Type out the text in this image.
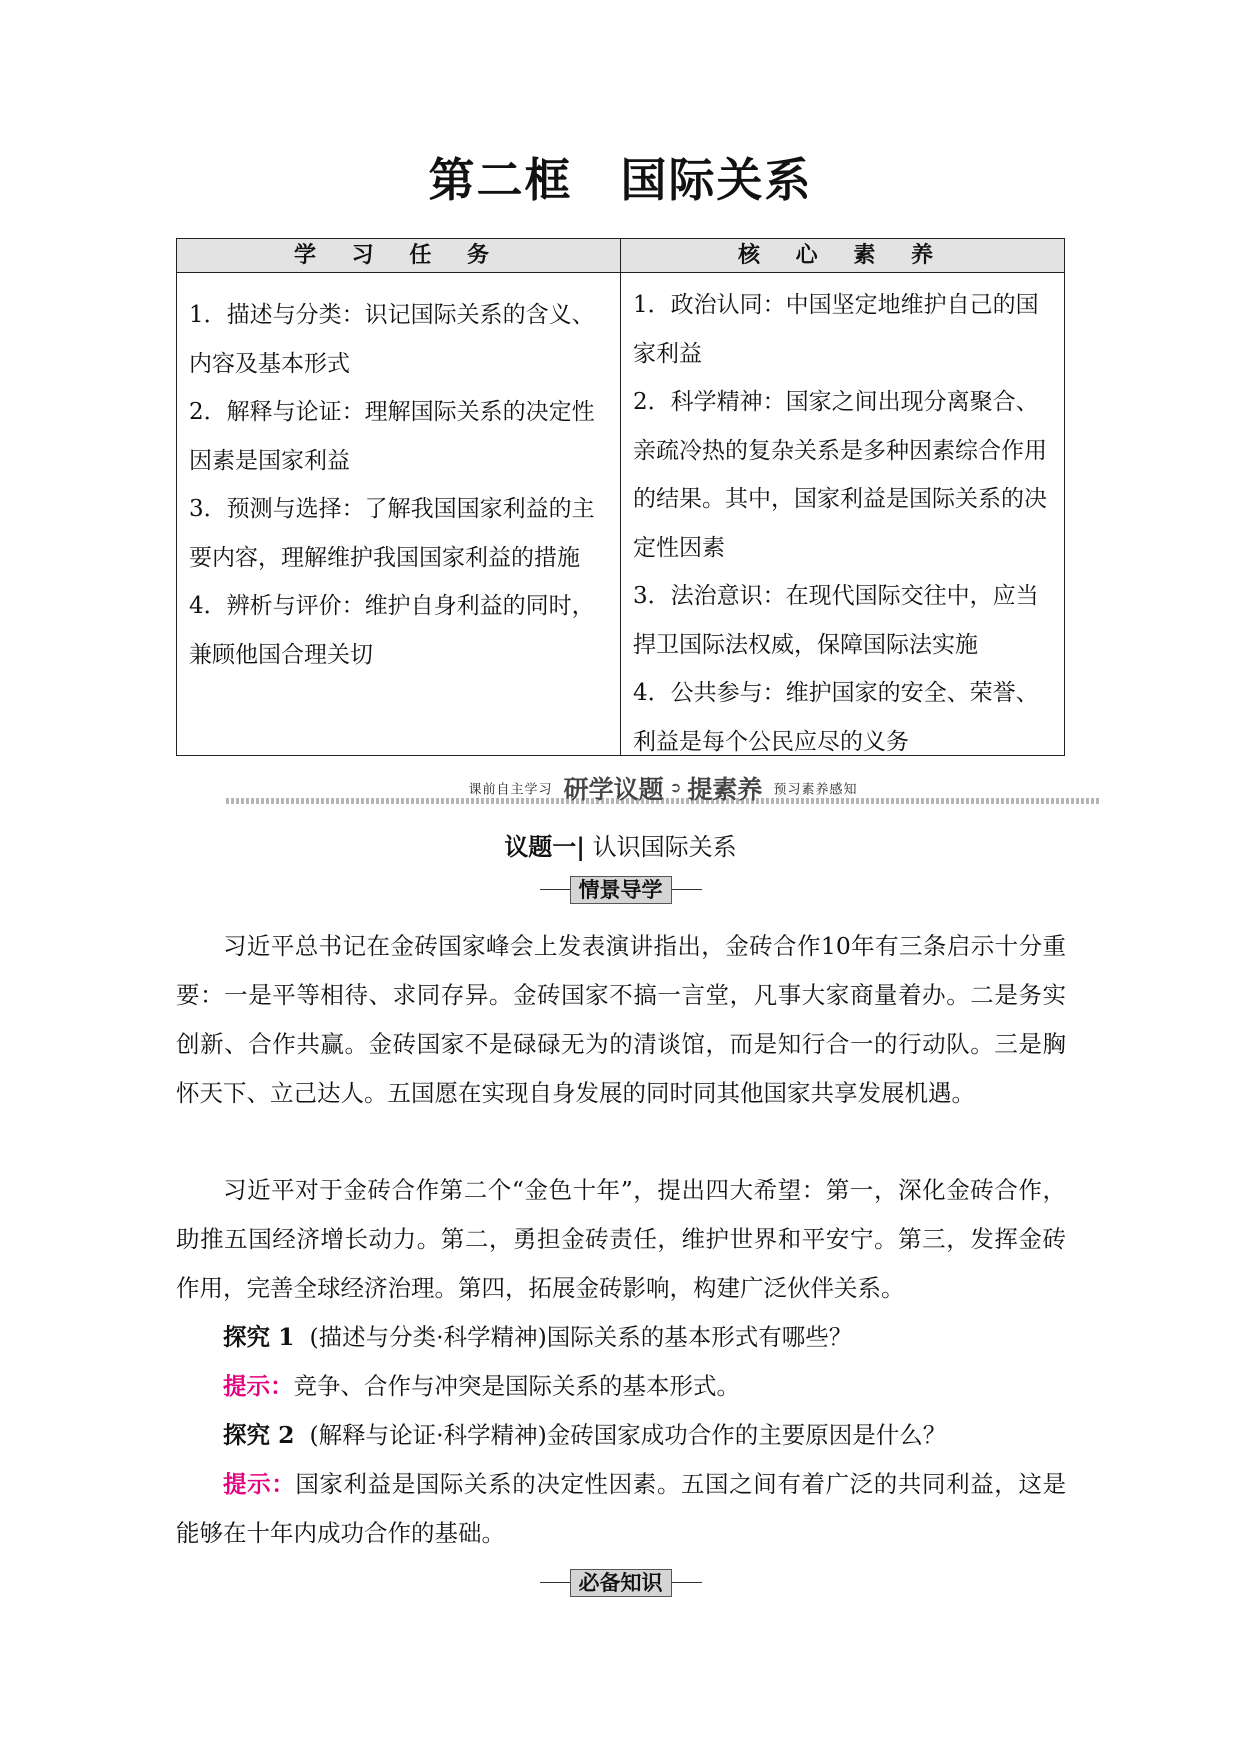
第二框　国际关系
学 习 任 务	核 心 素 养

1．描述与分类：识记国际关系的含义、内容及基本形式

2．解释与论证：理解国际关系的决定性因素是国家利益

3．预测与选择：了解我国国家利益的主要内容，理解维护我国国家利益的措施

4．辨析与评价：维护自身利益的同时，兼顾他国合理关切

1．政治认同：中国坚定地维护自己的国家利益

2．科学精神：国家之间出现分离聚合、亲疏冷热的复杂关系是多种因素综合作用的结果。其中，国家利益是国际关系的决定性因素

3．法治意识：在现代国际交往中，应当捍卫国际法权威，保障国际法实施

4．公共参与：维护国家的安全、荣誉、利益是每个公民应尽的义务

课前自主学习 研学议题 ➲ 提素养 预习素养感知
议题一| 认识国际关系
情景导学

习近平总书记在金砖国家峰会上发表演讲指出，金砖合作10年有三条启示十分重要：一是平等相待、求同存异。金砖国家不搞一言堂，凡事大家商量着办。二是务实创新、合作共赢。金砖国家不是碌碌无为的清谈馆，而是知行合一的行动队。三是胸怀天下、立己达人。五国愿在实现自身发展的同时同其他国家共享发展机遇。

习近平对于金砖合作第二个“金色十年”，提出四大希望：第一，深化金砖合作，助推五国经济增长动力。第二，勇担金砖责任，维护世界和平安宁。第三，发挥金砖作用，完善全球经济治理。第四，拓展金砖影响，构建广泛伙伴关系。

探究 1 (描述与分类·科学精神)国际关系的基本形式有哪些？

提示：竞争、合作与冲突是国际关系的基本形式。

探究 2 (解释与论证·科学精神)金砖国家成功合作的主要原因是什么？

提示：国家利益是国际关系的决定性因素。五国之间有着广泛的共同利益，这是能够在十年内成功合作的基础。

必备知识
